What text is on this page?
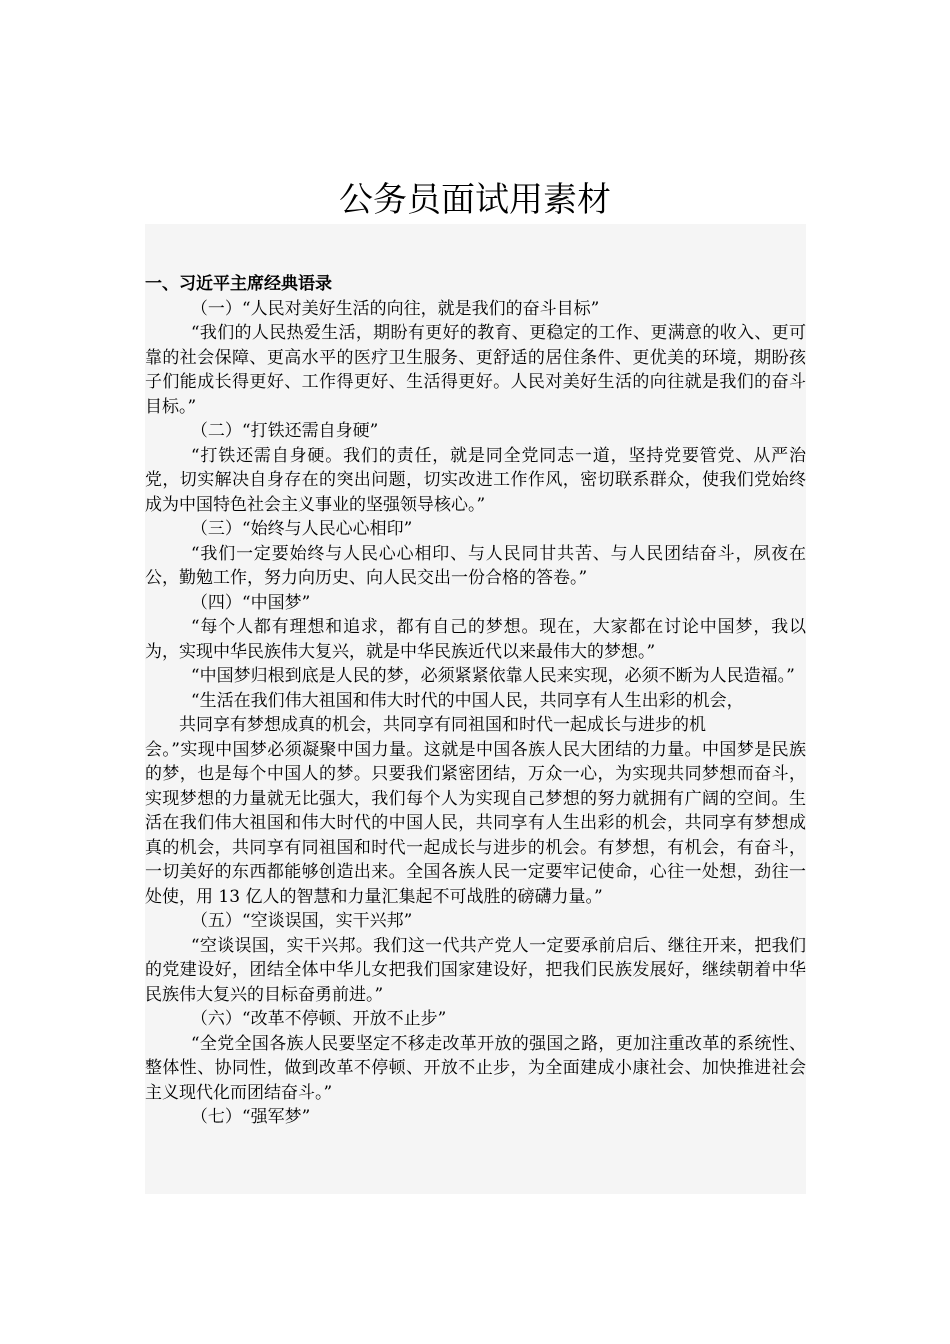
公务员面试用素材

一、习近平主席经典语录

（一）“人民对美好生活的向往，就是我们的奋斗目标”

“我们的人民热爱生活，期盼有更好的教育、更稳定的工作、更满意的收入、更可靠的社会保障、更高水平的医疗卫生服务、更舒适的居住条件、更优美的环境，期盼孩子们能成长得更好、工作得更好、生活得更好。人民对美好生活的向往就是我们的奋斗目标。”

（二）“打铁还需自身硬”

“打铁还需自身硬。我们的责任，就是同全党同志一道，坚持党要管党、从严治党，切实解决自身存在的突出问题，切实改进工作作风，密切联系群众，使我们党始终成为中国特色社会主义事业的坚强领导核心。”

（三）“始终与人民心心相印”

“我们一定要始终与人民心心相印、与人民同甘共苦、与人民团结奋斗，夙夜在公，勤勉工作，努力向历史、向人民交出一份合格的答卷。”

（四）“中国梦”

“每个人都有理想和追求，都有自己的梦想。现在，大家都在讨论中国梦，我以为，实现中华民族伟大复兴，就是中华民族近代以来最伟大的梦想。”

“中国梦归根到底是人民的梦，必须紧紧依靠人民来实现，必须不断为人民造福。”

“生活在我们伟大祖国和伟大时代的中国人民，共同享有人生出彩的机会，

共同享有梦想成真的机会，共同享有同祖国和时代一起成长与进步的机

会。”实现中国梦必须凝聚中国力量。这就是中国各族人民大团结的力量。中国梦是民族的梦，也是每个中国人的梦。只要我们紧密团结，万众一心，为实现共同梦想而奋斗，实现梦想的力量就无比强大，我们每个人为实现自己梦想的努力就拥有广阔的空间。生活在我们伟大祖国和伟大时代的中国人民，共同享有人生出彩的机会，共同享有梦想成真的机会，共同享有同祖国和时代一起成长与进步的机会。有梦想，有机会，有奋斗，一切美好的东西都能够创造出来。全国各族人民一定要牢记使命，心往一处想，劲往一处使，用 13 亿人的智慧和力量汇集起不可战胜的磅礴力量。”

（五）“空谈误国，实干兴邦”

“空谈误国，实干兴邦。我们这一代共产党人一定要承前启后、继往开来，把我们的党建设好，团结全体中华儿女把我们国家建设好，把我们民族发展好，继续朝着中华民族伟大复兴的目标奋勇前进。”

（六）“改革不停顿、开放不止步”

“全党全国各族人民要坚定不移走改革开放的强国之路，更加注重改革的系统性、整体性、协同性，做到改革不停顿、开放不止步，为全面建成小康社会、加快推进社会主义现代化而团结奋斗。”

（七）“强军梦”
